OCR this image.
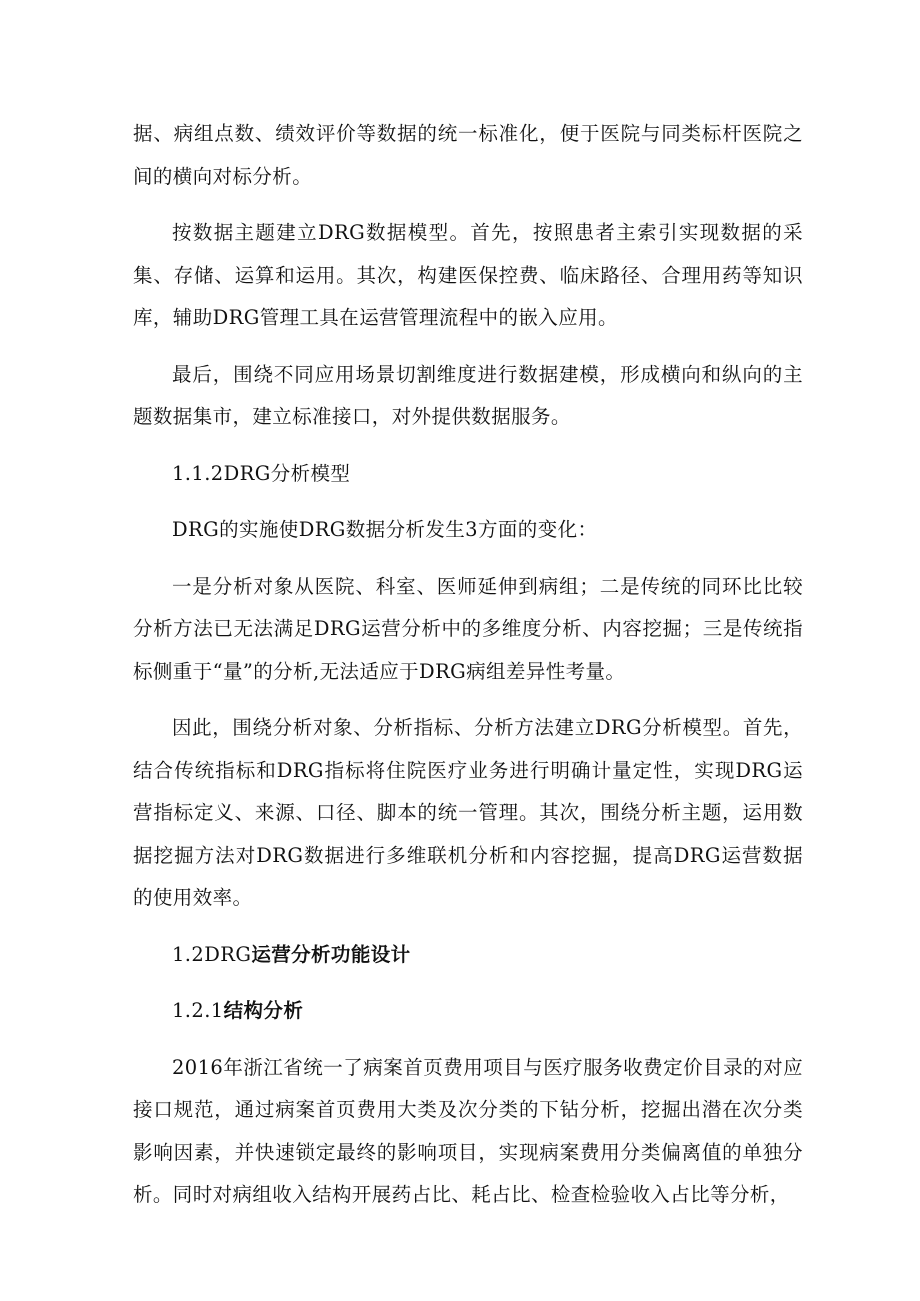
据、病组点数、绩效评价等数据的统一标准化，便于医院与同类标杆医院之间的横向对标分析。

按数据主题建立DRG数据模型。首先，按照患者主索引实现数据的采集、存储、运算和运用。其次，构建医保控费、临床路径、合理用药等知识库，辅助DRG管理工具在运营管理流程中的嵌入应用。

最后，围绕不同应用场景切割维度进行数据建模，形成横向和纵向的主题数据集市，建立标准接口，对外提供数据服务。

1.1.2DRG分析模型

DRG的实施使DRG数据分析发生3方面的变化：

一是分析对象从医院、科室、医师延伸到病组；二是传统的同环比比较分析方法已无法满足DRG运营分析中的多维度分析、内容挖掘；三是传统指标侧重于“量”的分析,无法适应于DRG病组差异性考量。

因此，围绕分析对象、分析指标、分析方法建立DRG分析模型。首先，结合传统指标和DRG指标将住院医疗业务进行明确计量定性，实现DRG运营指标定义、来源、口径、脚本的统一管理。其次，围绕分析主题，运用数据挖掘方法对DRG数据进行多维联机分析和内容挖掘，提高DRG运营数据的使用效率。

1.2DRG运营分析功能设计

1.2.1结构分析

2016年浙江省统一了病案首页费用项目与医疗服务收费定价目录的对应接口规范，通过病案首页费用大类及次分类的下钻分析，挖掘出潜在次分类影响因素，并快速锁定最终的影响项目，实现病案费用分类偏离值的单独分析。同时对病组收入结构开展药占比、耗占比、检查检验收入占比等分析，
